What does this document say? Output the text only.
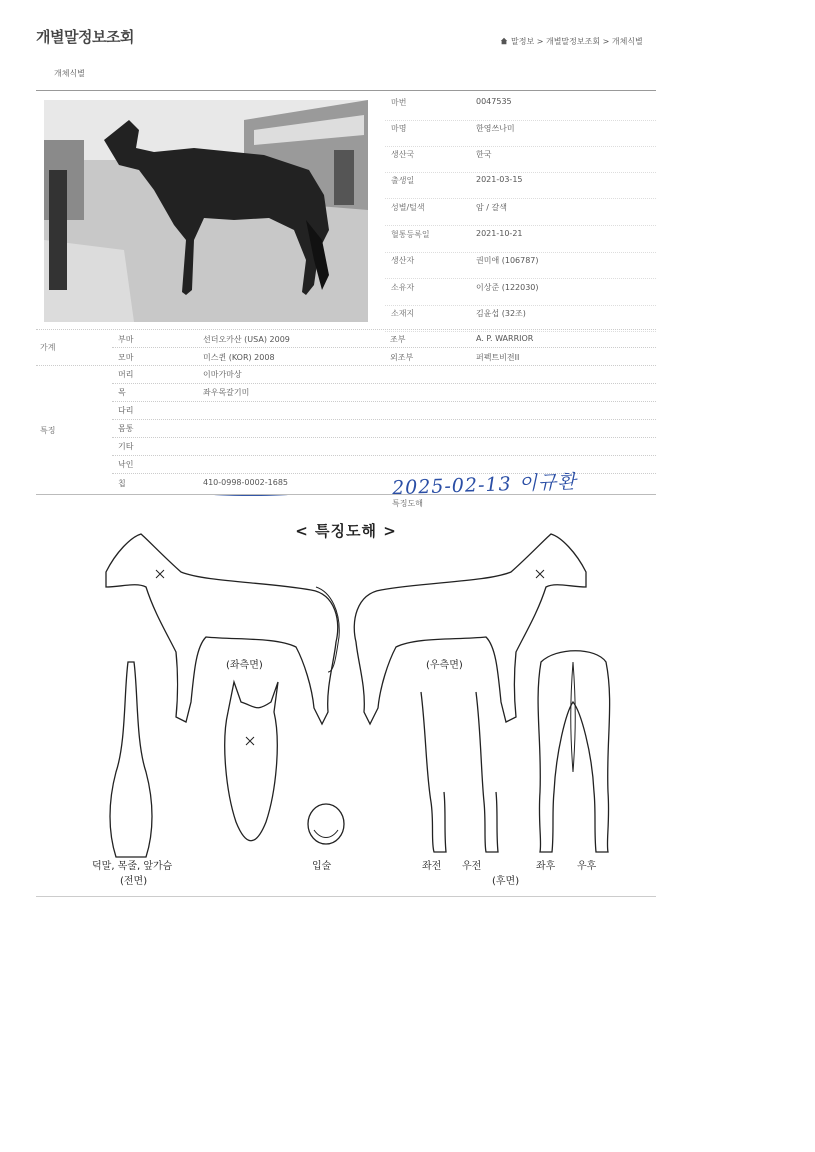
개별말정보조회	말정보 > 개별말정보조회 > 개체식별
개체식별
마번	0047535
마명	한영쓰나미
생산국	한국
출생일	2021-03-15
성별/털색	암 / 갈색
혈통등록일	2021-10-21
생산자	권미애 (106787)
소유자	이상준 (122030)
소재지	김윤섭 (32조)
가계
부마	선더오카산 (USA) 2009	조부	A. P. WARRIOR
모마	미스퀸 (KOR) 2008	외조부	퍼펙트비젼II
특징
머리	이마가마상
목	좌우목갈기미
다리
몸통
기타
낙인
칩	410-0998-0002-1685	2025-02-13 이규환
특징도해
< 특징도해 >
(좌측면)	(우측면)
덕말, 목줄, 앞가슴
(전면)
입술	좌전 우전	좌후 우후
(후면)
